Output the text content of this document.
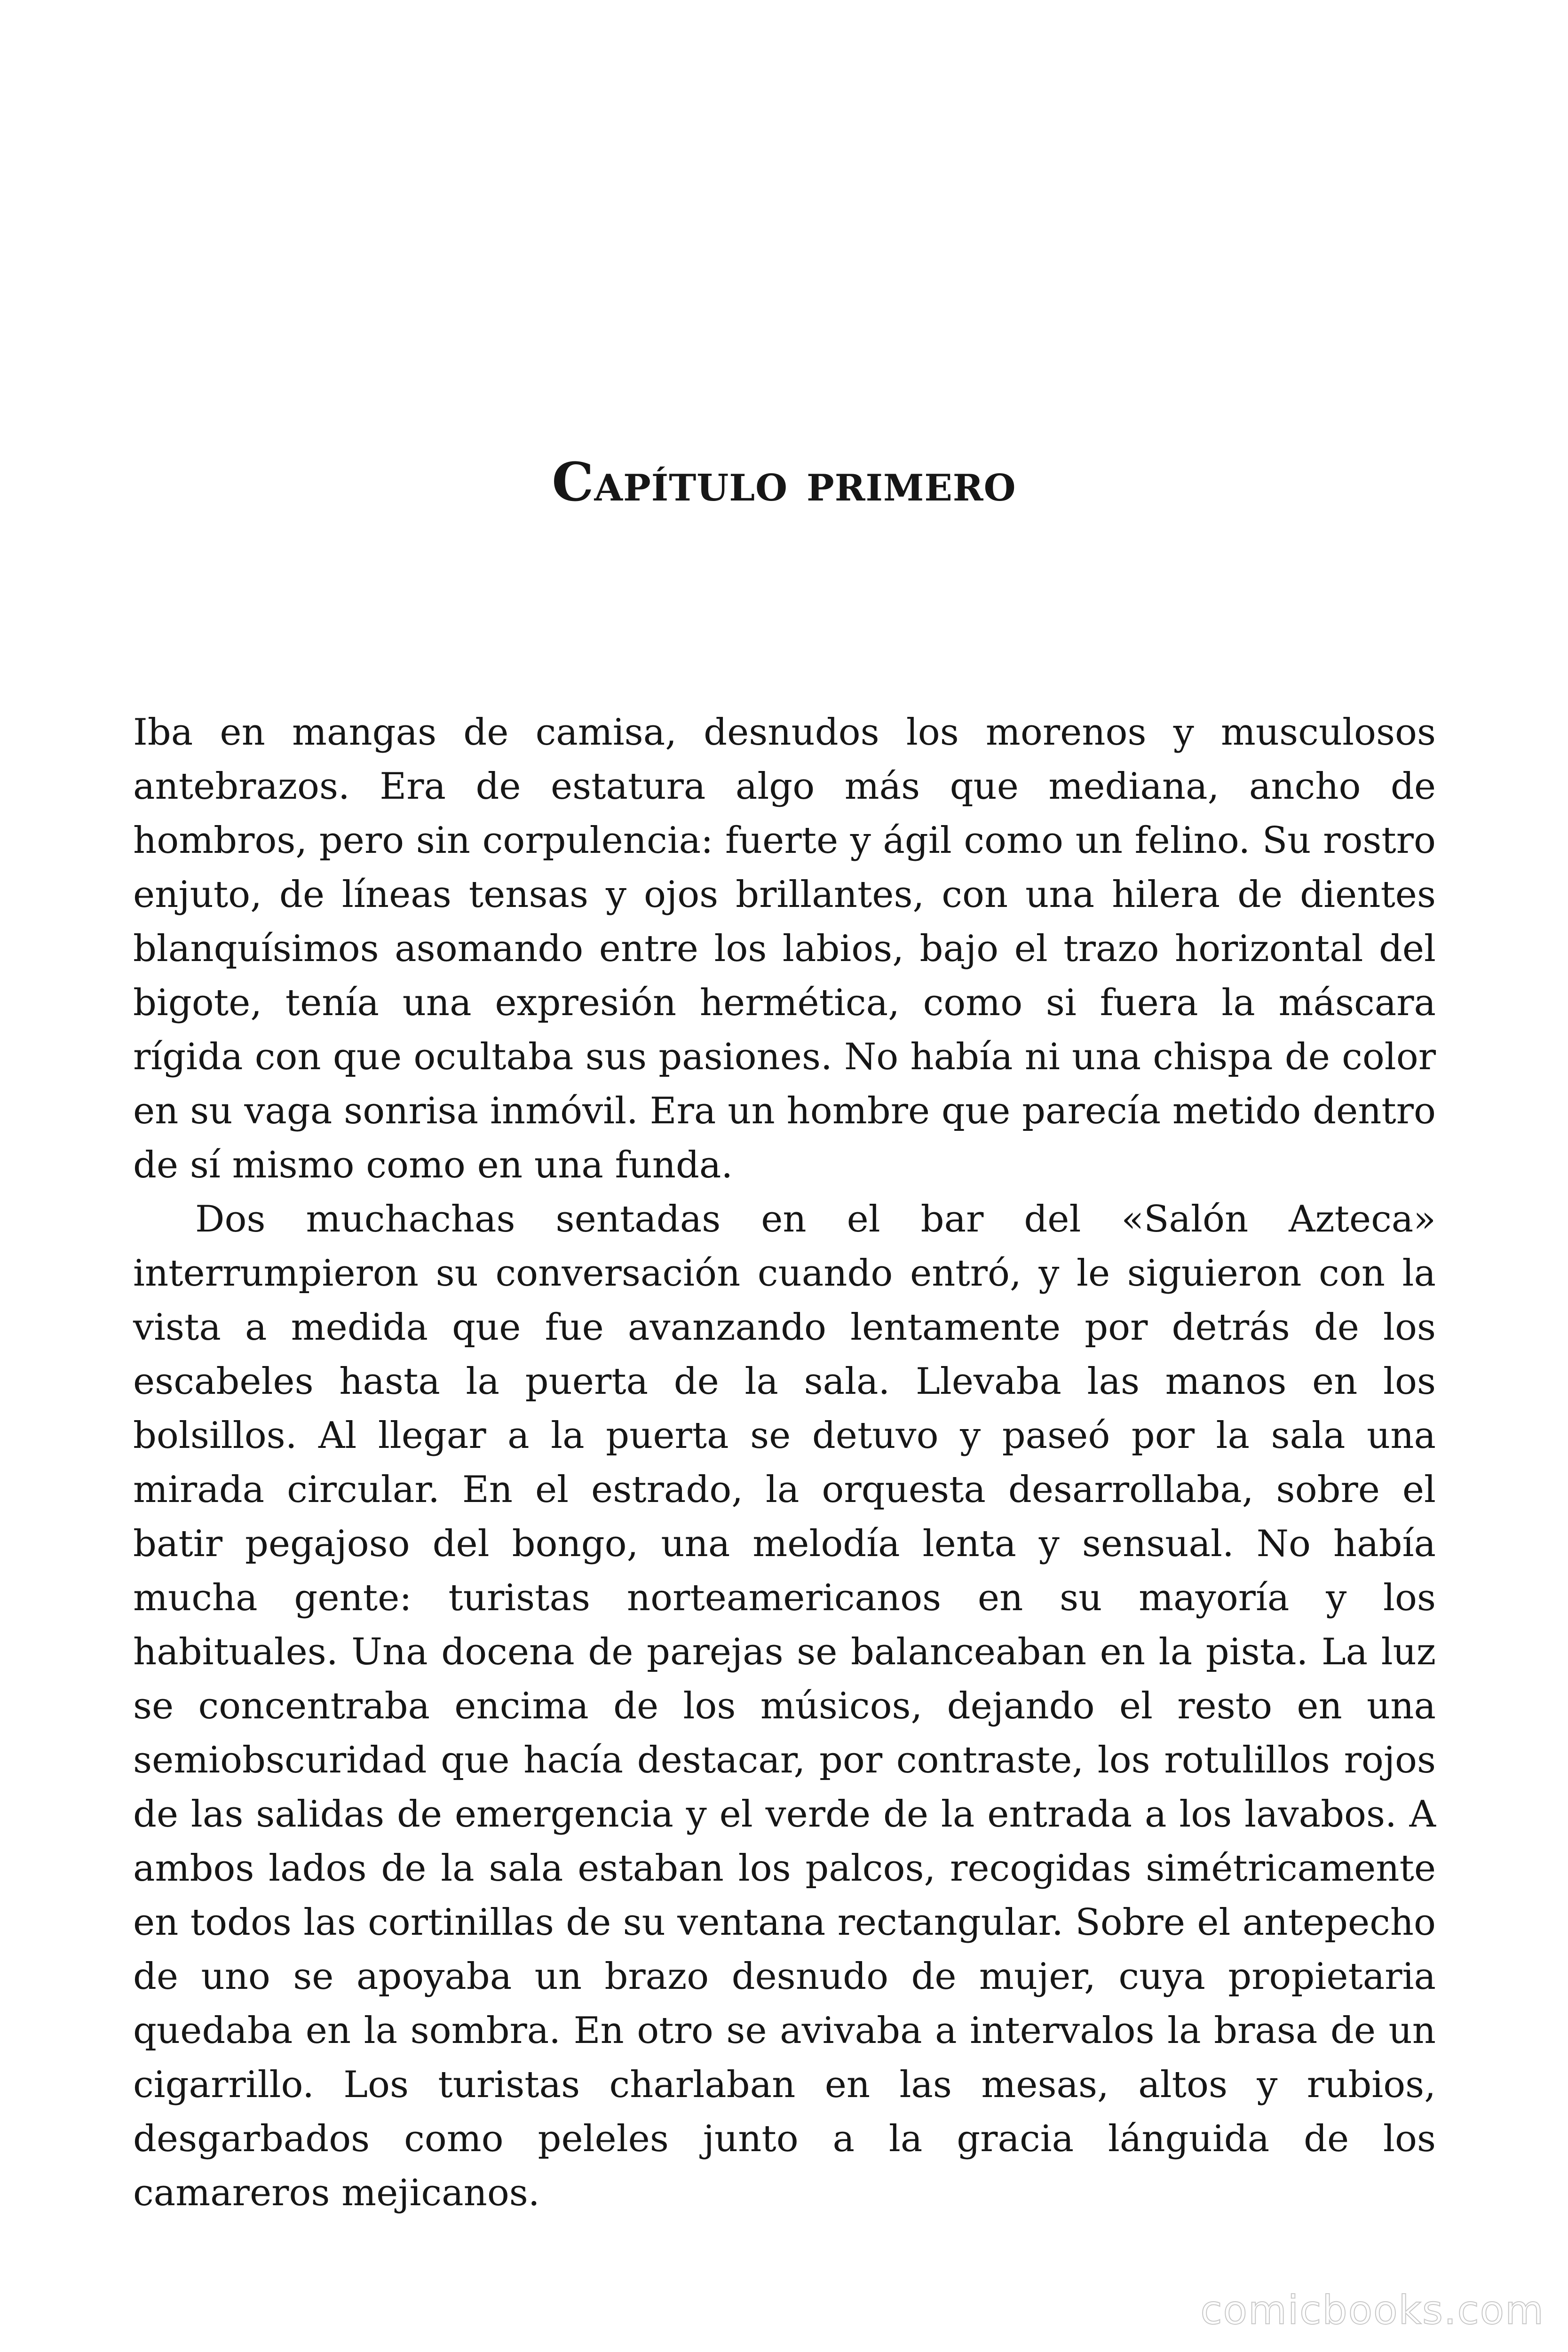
Capítulo primero

Iba en mangas de camisa, desnudos los morenos y musculosos antebrazos. Era de estatura algo más que mediana, ancho de hombros, pero sin corpulencia: fuerte y ágil como un felino. Su rostro enjuto, de líneas tensas y ojos brillantes, con una hilera de dientes blanquísimos asomando entre los labios, bajo el trazo horizontal del bigote, tenía una expresión hermética, como si fuera la máscara rígida con que ocultaba sus pasiones. No había ni una chispa de color en su vaga sonrisa inmóvil. Era un hombre que parecía metido dentro de sí mismo como en una funda.

Dos muchachas sentadas en el bar del «Salón Azteca» interrumpieron su conversación cuando entró, y le siguieron con la vista a medida que fue avanzando lentamente por detrás de los escabeles hasta la puerta de la sala. Llevaba las manos en los bolsillos. Al llegar a la puerta se detuvo y paseó por la sala una mirada circular. En el estrado, la orquesta desarrollaba, sobre el batir pegajoso del bongo, una melodía lenta y sensual. No había mucha gente: turistas norteamericanos en su mayoría y los habituales. Una docena de parejas se balanceaban en la pista. La luz se concentraba encima de los músicos, dejando el resto en una semiobscuridad que hacía destacar, por contraste, los rotulillos rojos de las salidas de emergencia y el verde de la entrada a los lavabos. A ambos lados de la sala estaban los palcos, recogidas simétricamente en todos las cortinillas de su ventana rectangular. Sobre el antepecho de uno se apoyaba un brazo desnudo de mujer, cuya propietaria quedaba en la sombra. En otro se avivaba a intervalos la brasa de un cigarrillo. Los turistas charlaban en las mesas, altos y rubios, desgarbados como peleles junto a la gracia lánguida de los camareros mejicanos.

comicbooks.com
